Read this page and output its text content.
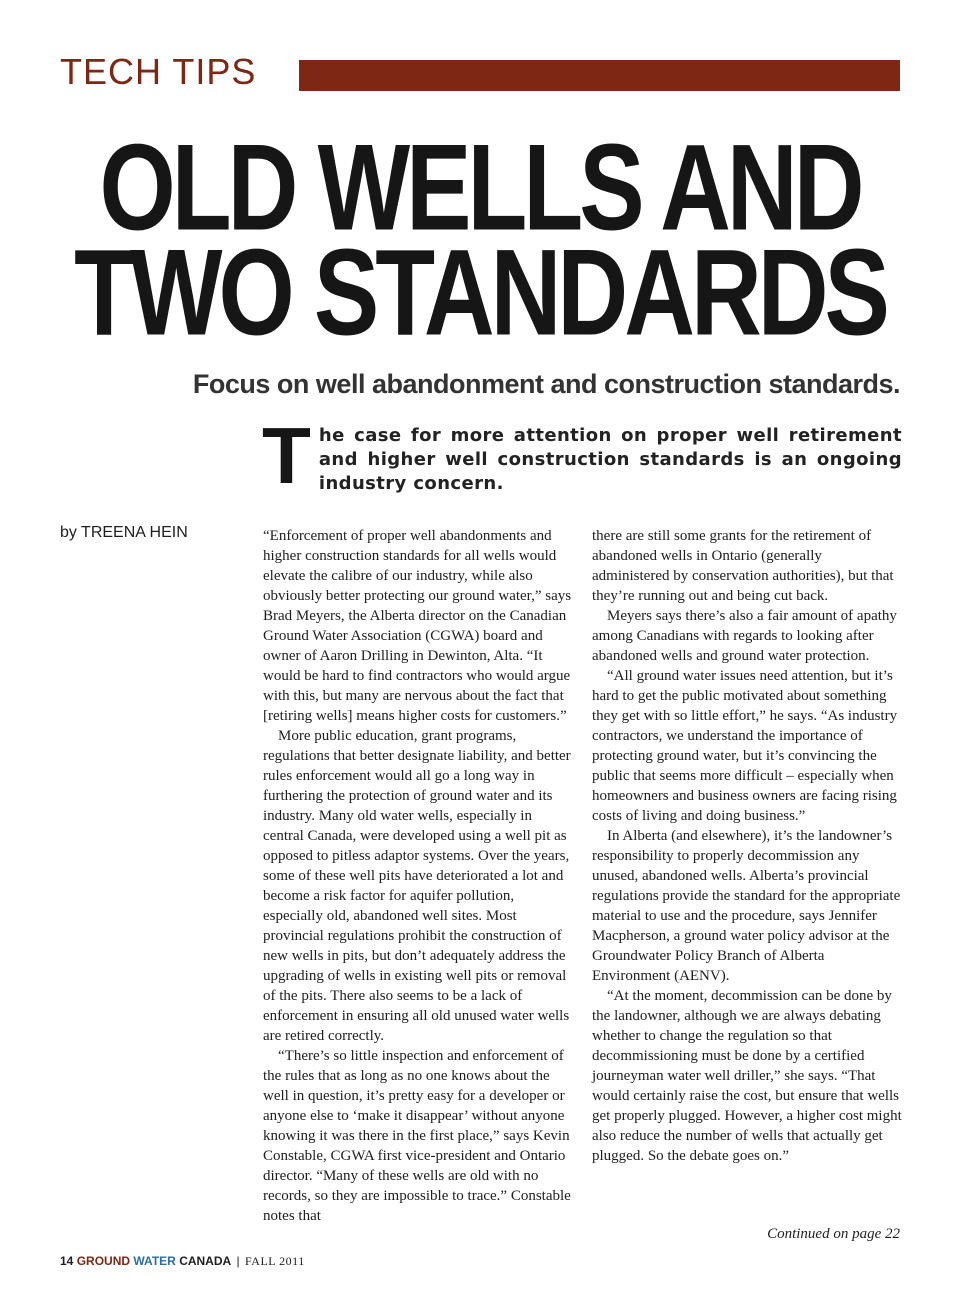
TECH TIPS
OLD WELLS AND
TWO STANDARDS
Focus on well abandonment and construction standards.
T he case for more attention on proper well retirement and higher well construction standards is an ongoing industry concern.

by TREENA HEIN	“Enforcement of proper well abandonments and higher construction standards for all wells would elevate the calibre of our industry, while also obviously better protecting our ground water,” says Brad Meyers, the Alberta director on the Canadian Ground Water Association (CGWA) board and owner of Aaron Drilling in Dewinton, Alta. “It would be hard to find contractors who would argue with this, but many are nervous about the fact that [retiring wells] means higher costs for customers.”

More public education, grant programs, regulations that better designate liability, and better rules enforcement would all go a long way in furthering the protection of ground water and its industry. Many old water wells, especially in central Canada, were developed using a well pit as opposed to pitless adaptor systems. Over the years, some of these well pits have deteriorated a lot and become a risk factor for aquifer pollution, especially old, abandoned well sites. Most provincial regulations prohibit the construction of new wells in pits, but don’t adequately address the upgrading of wells in existing well pits or removal of the pits. There also seems to be a lack of enforcement in ensuring all old unused water wells are retired correctly.

“There’s so little inspection and enforcement of the rules that as long as no one knows about the well in question, it’s pretty easy for a developer or anyone else to ‘make it disappear’ without anyone knowing it was there in the first place,” says Kevin Constable, CGWA first vice-president and Ontario director. “Many of these wells are old with no records, so they are impossible to trace.” Constable notes that

there are still some grants for the retirement of abandoned wells in Ontario (generally administered by conservation authorities), but that they’re running out and being cut back.

Meyers says there’s also a fair amount of apathy among Canadians with regards to looking after abandoned wells and ground water protection.

“All ground water issues need attention, but it’s hard to get the public motivated about something they get with so little effort,” he says. “As industry contractors, we understand the importance of protecting ground water, but it’s convincing the public that seems more difficult – especially when homeowners and business owners are facing rising costs of living and doing business.”

In Alberta (and elsewhere), it’s the landowner’s responsibility to properly decommission any unused, abandoned wells. Alberta’s provincial regulations provide the standard for the appropriate material to use and the procedure, says Jennifer Macpherson, a ground water policy advisor at the Groundwater Policy Branch of Alberta Environment (AENV).

“At the moment, decommission can be done by the landowner, although we are always debating whether to change the regulation so that decommissioning must be done by a certified journeyman water well driller,” she says. “That would certainly raise the cost, but ensure that wells get properly plugged. However, a higher cost might also reduce the number of wells that actually get plugged. So the debate goes on.”

Continued on page 22
14 GROUND WATER CANADA | FALL 2011
